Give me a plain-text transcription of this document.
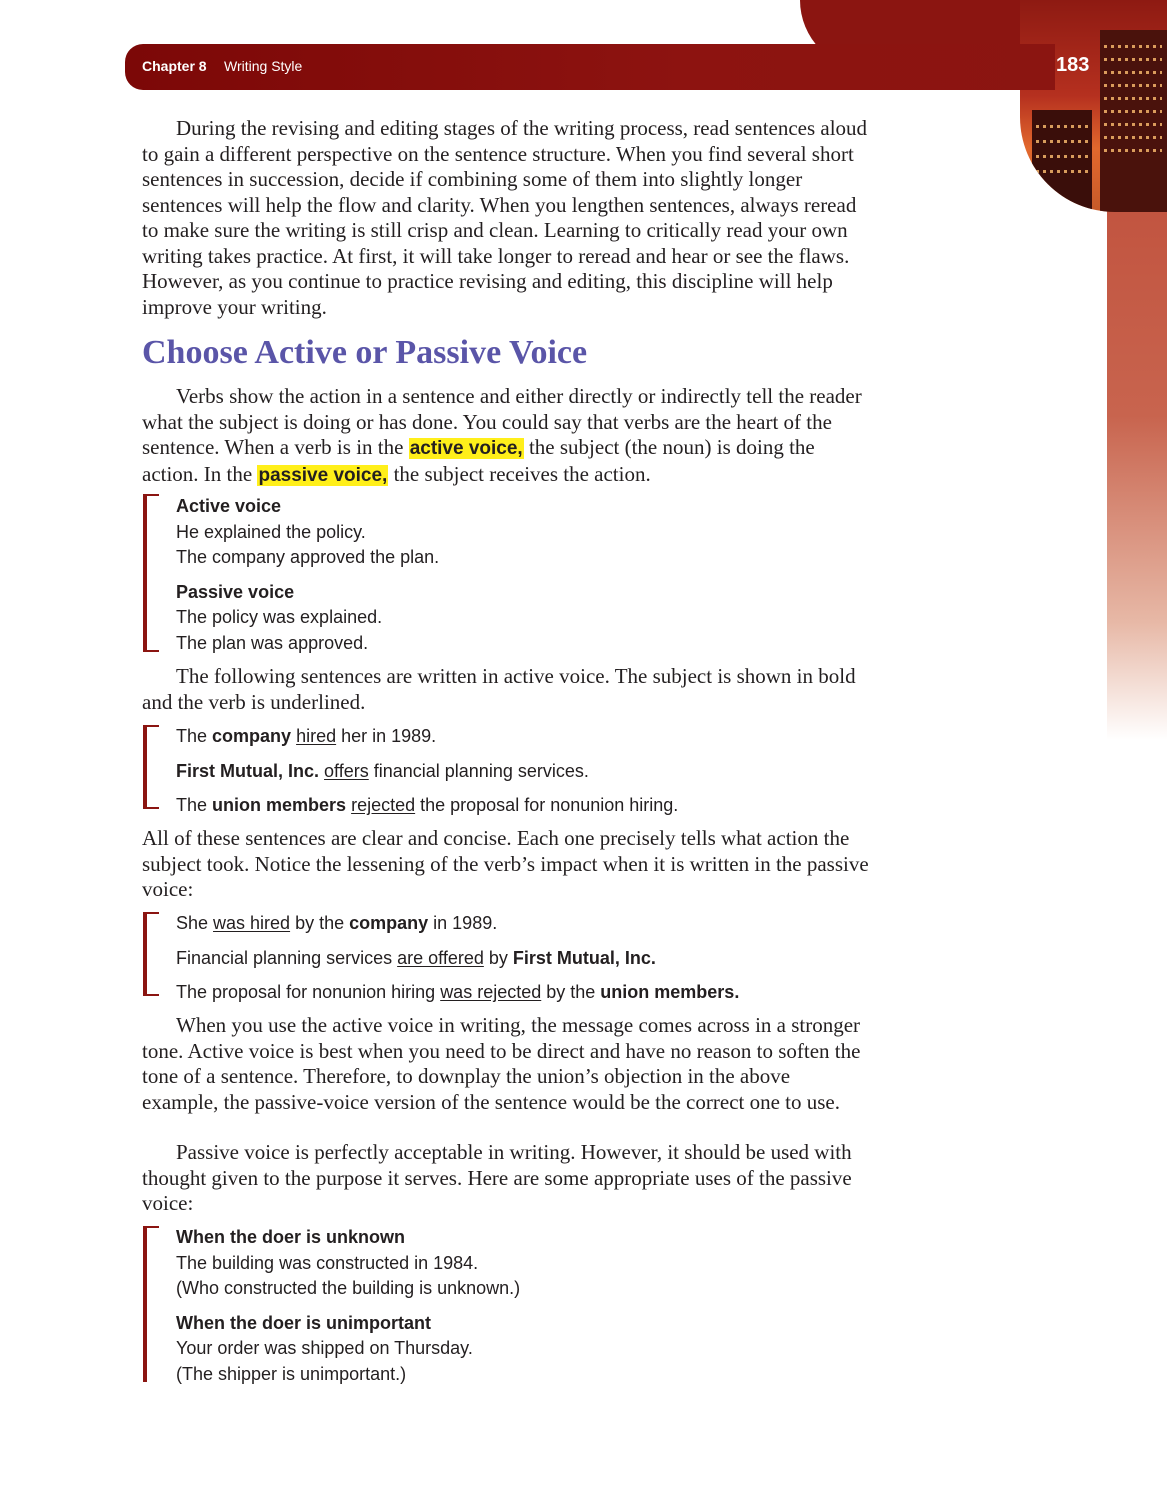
Chapter 8 Writing Style	183

During the revising and editing stages of the writing process, read sentences aloud to gain a different perspective on the sentence structure. When you find several short sentences in succession, decide if combining some of them into slightly longer sentences will help the flow and clarity. When you lengthen sentences, always reread to make sure the writing is still crisp and clean. Learning to critically read your own writing takes practice. At first, it will take longer to reread and hear or see the flaws. However, as you continue to practice revising and editing, this discipline will help improve your writing.

Choose Active or Passive Voice

Verbs show the action in a sentence and either directly or indirectly tell the reader what the subject is doing or has done. You could say that verbs are the heart of the sentence. When a verb is in the active voice, the subject (the noun) is doing the action. In the passive voice, the subject receives the action.

Active voice
He explained the policy.
The company approved the plan.
Passive voice
The policy was explained.
The plan was approved.

The following sentences are written in active voice. The subject is shown in bold and the verb is underlined.

The company hired her in 1989.
First Mutual, Inc. offers financial planning services.
The union members rejected the proposal for nonunion hiring.

All of these sentences are clear and concise. Each one precisely tells what action the subject took. Notice the lessening of the verb’s impact when it is written in the passive voice:

She was hired by the company in 1989.
Financial planning services are offered by First Mutual, Inc.
The proposal for nonunion hiring was rejected by the union members.

When you use the active voice in writing, the message comes across in a stronger tone. Active voice is best when you need to be direct and have no reason to soften the tone of a sentence. Therefore, to downplay the union’s objection in the above example, the passive-voice version of the sentence would be the correct one to use.

Passive voice is perfectly acceptable in writing. However, it should be used with thought given to the purpose it serves. Here are some appropriate uses of the passive voice:

When the doer is unknown
The building was constructed in 1984.
(Who constructed the building is unknown.)
When the doer is unimportant
Your order was shipped on Thursday.
(The shipper is unimportant.)
